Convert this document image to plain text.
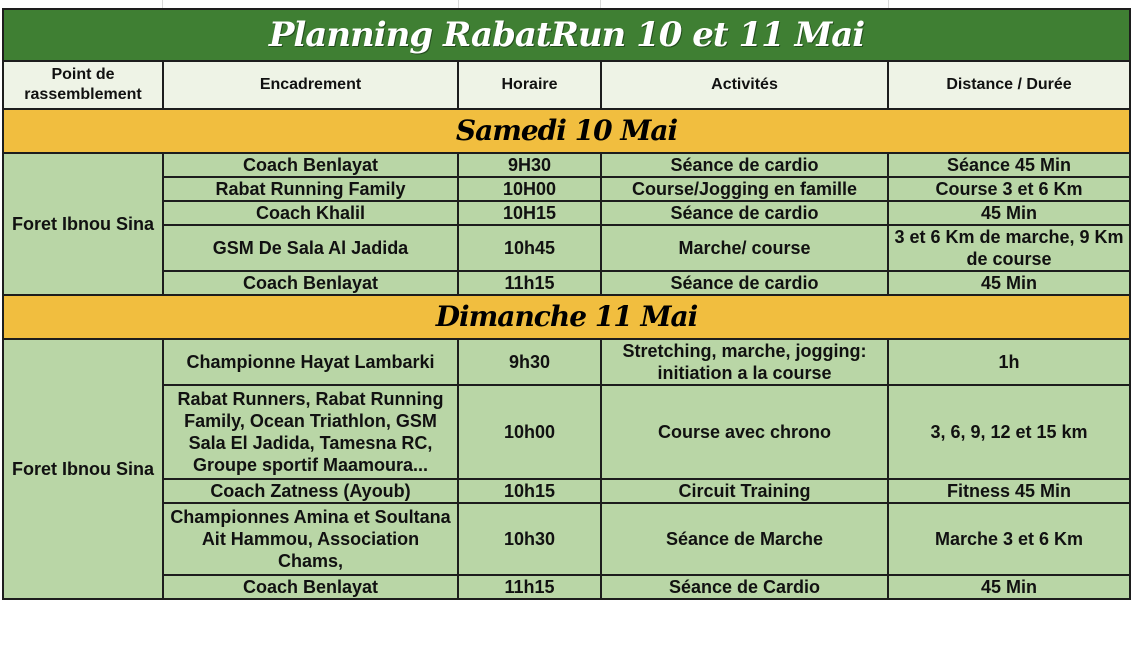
Planning RabatRun 10 et 11 Mai				
Point de rassemblement	Encadrement	Horaire	Activités	Distance / Durée
Samedi 10 Mai				
Foret Ibnou Sina	Coach Benlayat	9H30	Séance de cardio	Séance 45 Min
	Rabat Running Family	10H00	Course/Jogging en famille	Course 3 et 6 Km
	Coach Khalil	10H15	Séance de cardio	45 Min
	GSM De Sala Al Jadida	10h45	Marche/ course	3 et 6 Km de marche, 9 Km de course
	Coach Benlayat	11h15	Séance de cardio	45 Min
Dimanche 11 Mai				
Foret Ibnou Sina	Championne Hayat Lambarki	9h30	Stretching, marche, jogging: initiation a la course	1h
	Rabat Runners, Rabat Running Family, Ocean Triathlon, GSM Sala El Jadida, Tamesna RC, Groupe sportif Maamoura...	10h00	Course avec chrono	3, 6, 9, 12 et 15 km
	Coach Zatness (Ayoub)	10h15	Circuit Training	Fitness 45 Min
	Championnes Amina et Soultana Ait Hammou, Association Chams,	10h30	Séance de Marche	Marche 3 et 6 Km
	Coach Benlayat	11h15	Séance de Cardio	45 Min
